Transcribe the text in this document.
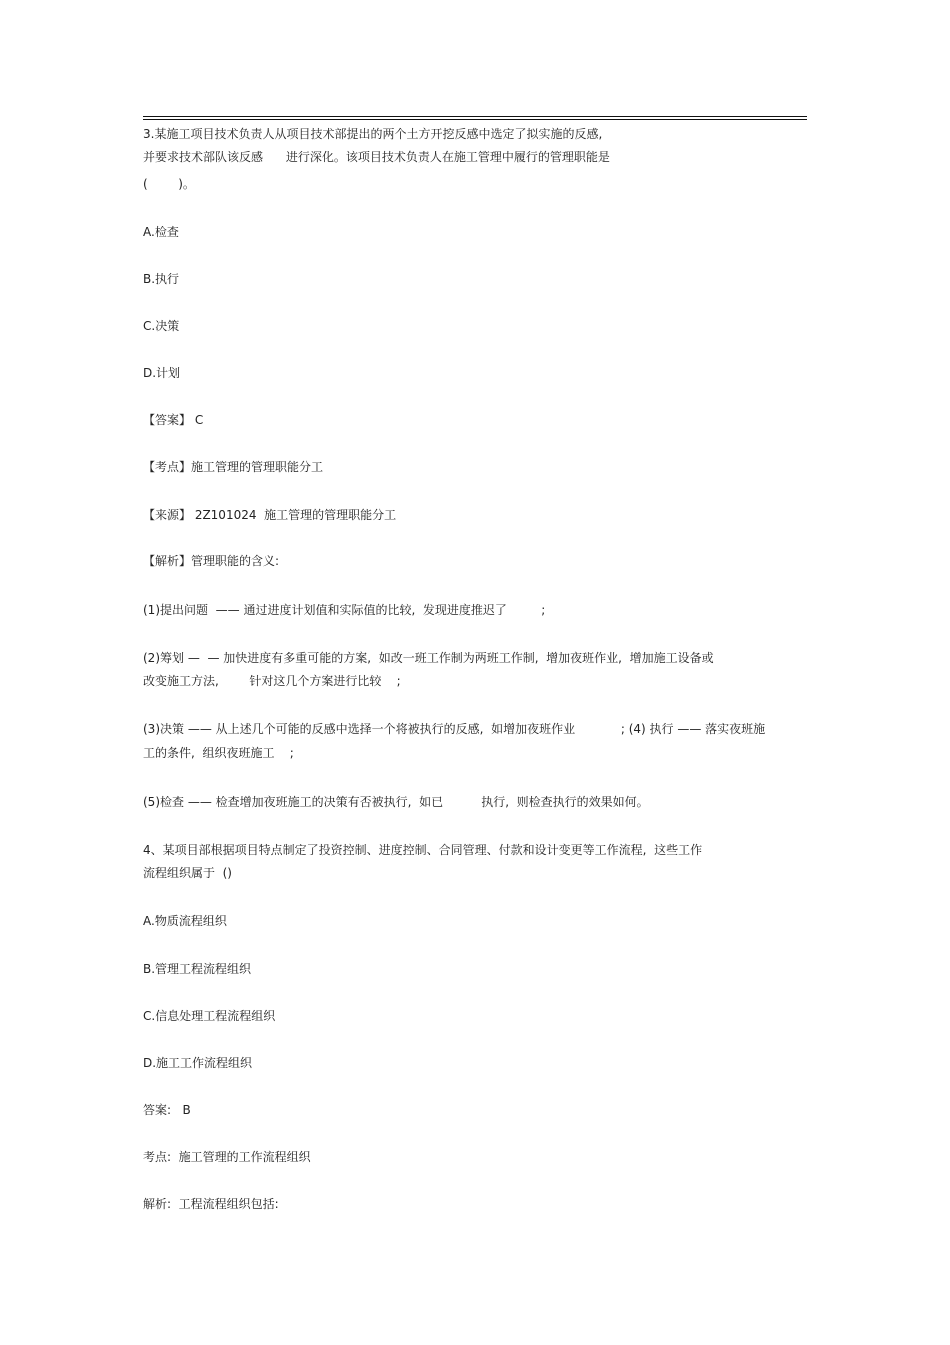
3.某施工项目技术负责人从项目技术部提出的两个土方开挖反感中选定了拟实施的反感,

并要求技术部队该反感      进行深化。该项目技术负责人在施工管理中履行的管理职能是

(        )。

A.检查

B.执行

C.决策

D.计划

【答案】 C

【考点】施工管理的管理职能分工

【来源】 2Z101024  施工管理的管理职能分工

【解析】管理职能的含义:

(1)提出问题  —— 通过进度计划值和实际值的比较,  发现进度推迟了         ;

(2)筹划 —  — 加快进度有多重可能的方案,  如改一班工作制为两班工作制,  增加夜班作业,  增加施工设备或

改变施工方法,        针对这几个方案进行比较    ;

(3)决策 —— 从上述几个可能的反感中选择一个将被执行的反感,  如增加夜班作业            ; (4) 执行 —— 落实夜班施

工的条件,  组织夜班施工    ;

(5)检查 —— 检查增加夜班施工的决策有否被执行,  如已          执行,  则检查执行的效果如何。

4、某项目部根据项目特点制定了投资控制、进度控制、合同管理、付款和设计变更等工作流程,  这些工作

流程组织属于  ()

A.物质流程组织

B.管理工程流程组织

C.信息处理工程流程组织

D.施工工作流程组织

答案:   B

考点:  施工管理的工作流程组织

解析:  工程流程组织包括:
